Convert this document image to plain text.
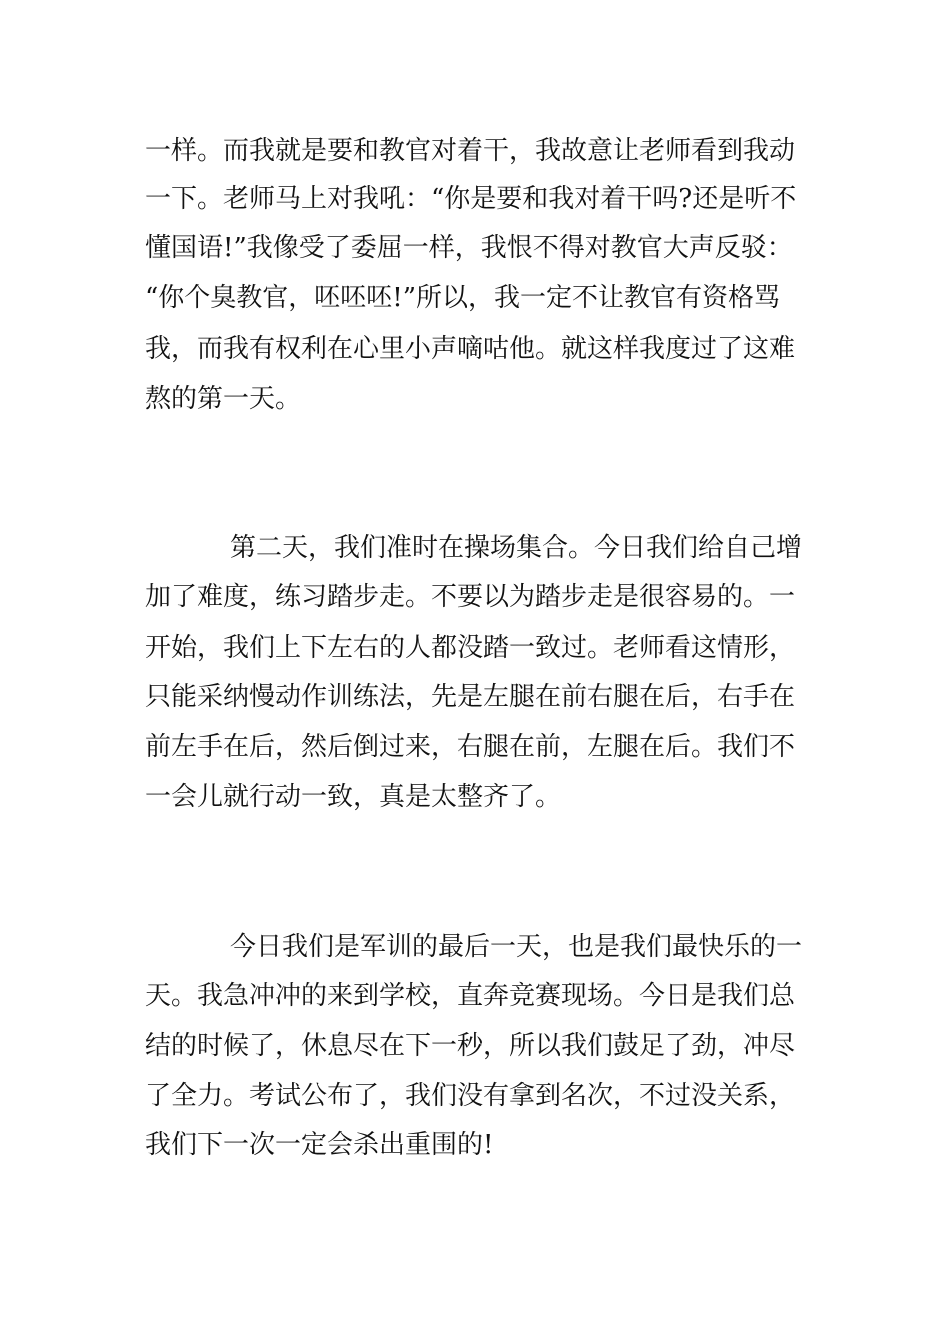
一样。而我就是要和教官对着干，我故意让老师看到我动
一下。老师马上对我吼：“你是要和我对着干吗?还是听不
懂国语!”我像受了委屈一样，我恨不得对教官大声反驳：
“你个臭教官，呸呸呸!”所以，我一定不让教官有资格骂
我，而我有权利在心里小声嘀咕他。就这样我度过了这难
熬的第一天。
第二天，我们准时在操场集合。今日我们给自己增
加了难度，练习踏步走。不要以为踏步走是很容易的。一
开始，我们上下左右的人都没踏一致过。老师看这情形，
只能采纳慢动作训练法，先是左腿在前右腿在后，右手在
前左手在后，然后倒过来，右腿在前，左腿在后。我们不
一会儿就行动一致，真是太整齐了。
今日我们是军训的最后一天，也是我们最快乐的一
天。我急冲冲的来到学校，直奔竞赛现场。今日是我们总
结的时候了，休息尽在下一秒，所以我们鼓足了劲，冲尽
了全力。考试公布了，我们没有拿到名次，不过没关系，
我们下一次一定会杀出重围的!
